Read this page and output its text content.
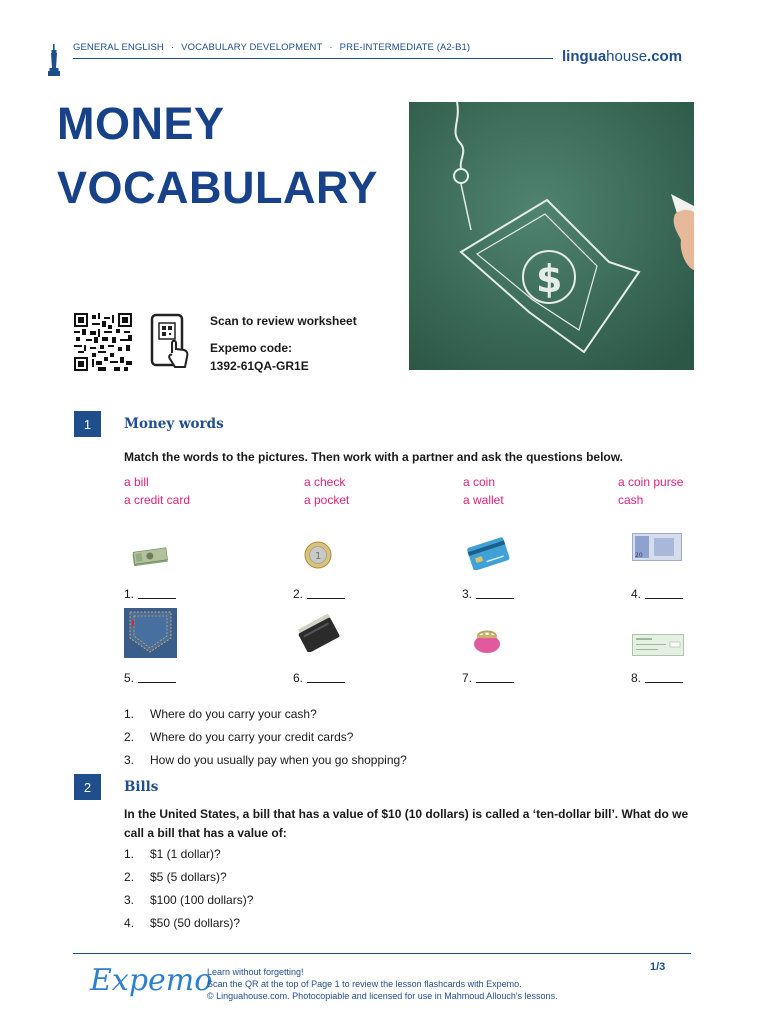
GENERAL ENGLISH · VOCABULARY DEVELOPMENT · PRE-INTERMEDIATE (A2-B1)
linguahouse.com
MONEY
VOCABULARY
$
Scan to review worksheet
Expemo code:
1392-61QA-GR1E
1	Money words
Match the words to the pictures. Then work with a partner and ask the questions below.
a bill	a check	a coin	a coin purse
a credit card	a pocket	a wallet	cash
1	20
1.	2.	3.	4.
5.	6.	7.	8.
1. Where do you carry your cash?
2. Where do you carry your credit cards?
3. How do you usually pay when you go shopping?
2	Bills
In the United States, a bill that has a value of $10 (10 dollars) is called a ‘ten-dollar bill’. What do we call a bill that has a value of:
1. $1 (1 dollar)?
2. $5 (5 dollars)?
3. $100 (100 dollars)?
4. $50 (50 dollars)?
Expemo
Learn without forgetting!
Scan the QR at the top of Page 1 to review the lesson flashcards with Expemo.
© Linguahouse.com. Photocopiable and licensed for use in Mahmoud Allouch's lessons.
1/3
